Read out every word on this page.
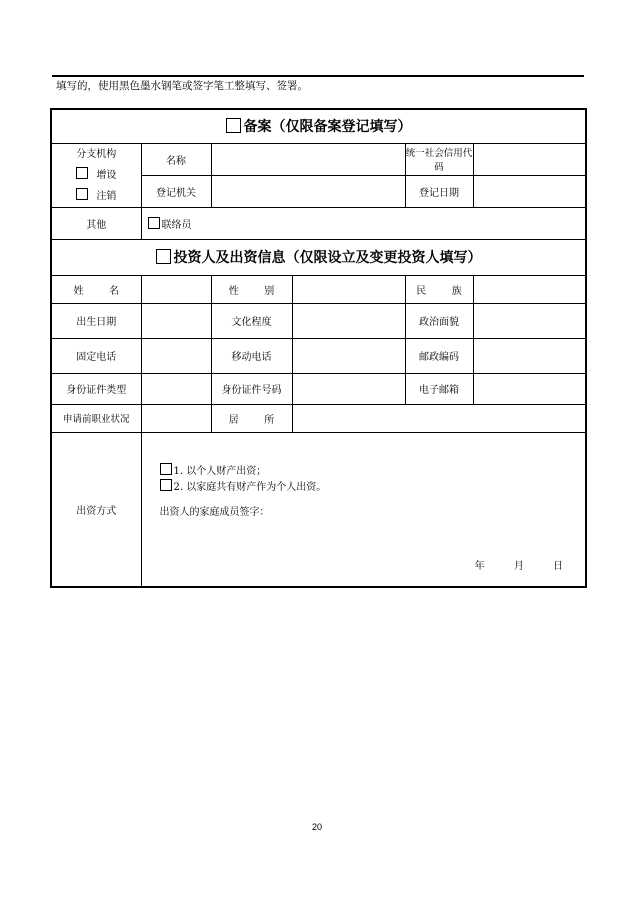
填写的，使用黑色墨水钢笔或签字笔工整填写、签署。
备案（仅限备案登记填写）					

分支机构
增设
注销	名称			统一社会信用代码	
	登记机关			登记日期	
其他	联络员				
投资人及出资信息（仅限设立及变更投资人填写）					
姓        名		性        别		民        族	
出生日期		文化程度		政治面貌	
固定电话		移动电话		邮政编码	
身份证件类型		身份证件号码		电子邮箱	
申请前职业状况		居        所			
出资方式	1. 以个人财产出资；
2. 以家庭共有财产作为个人出资。
出资人的家庭成员签字：
年 月 日				
20
